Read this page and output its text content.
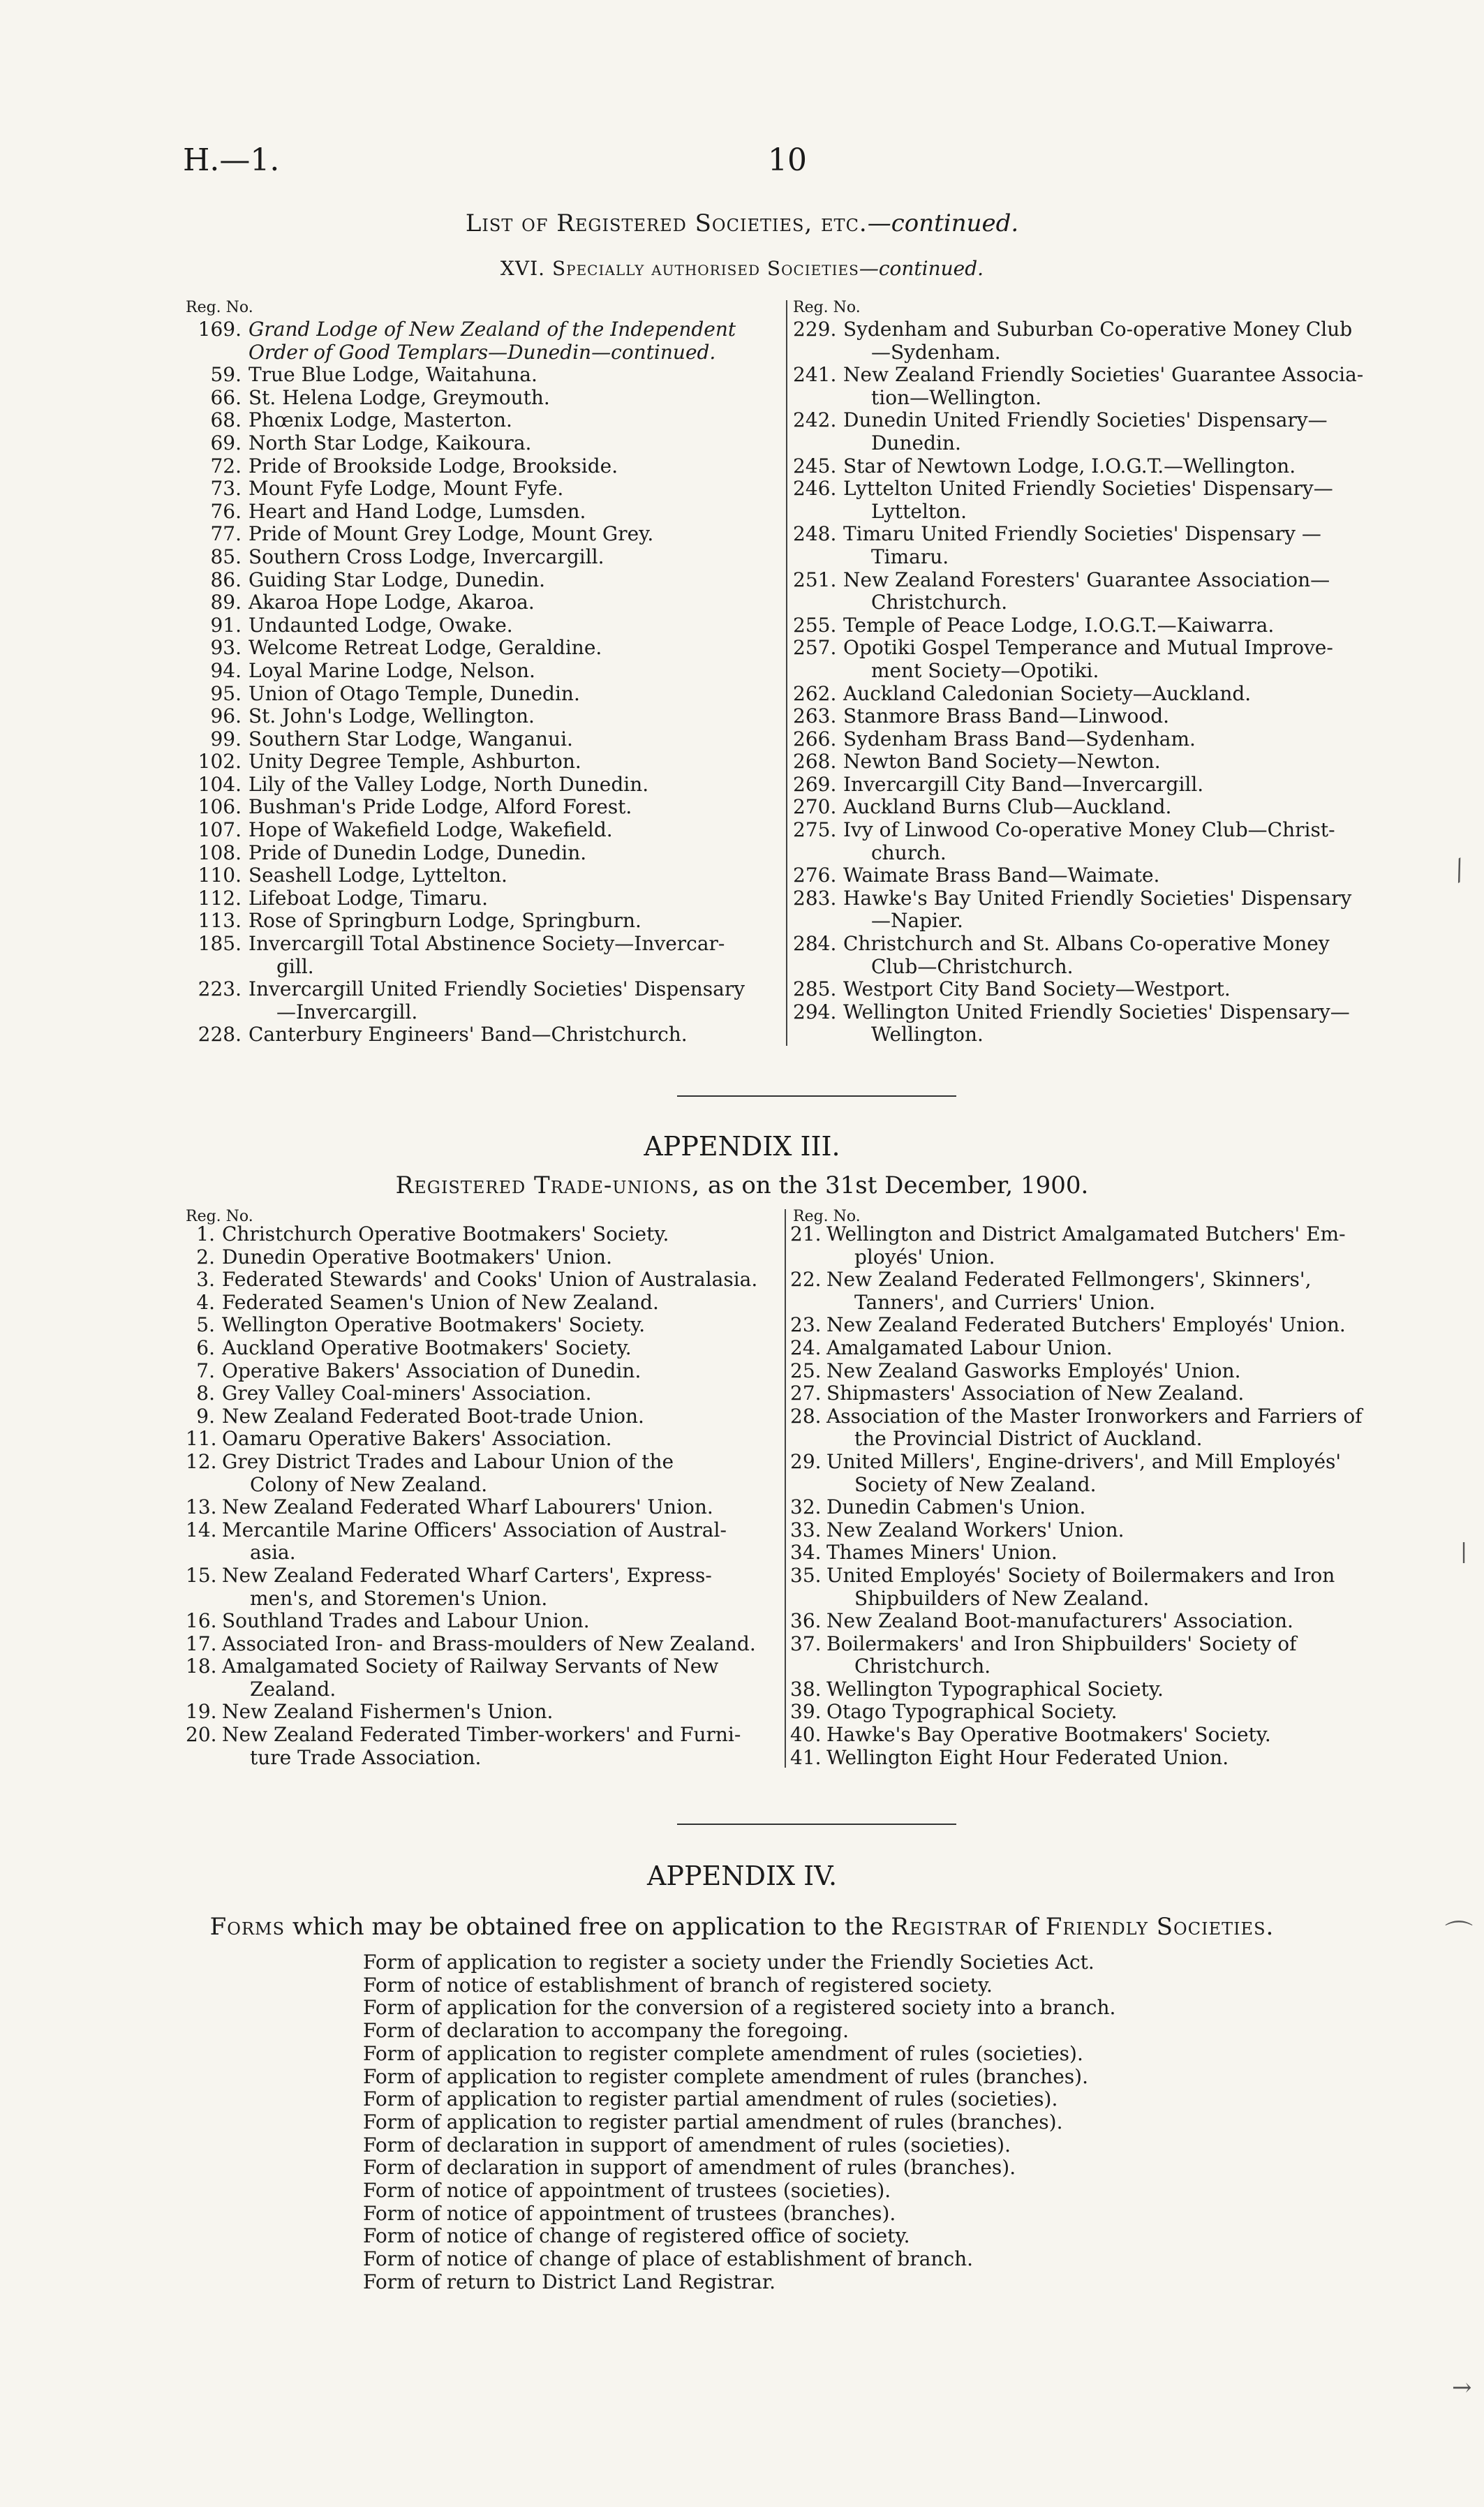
H.—1.	10
List of Registered Societies, etc.—continued.
XVI. Specially authorised Societies—continued.
Reg. No.	Reg. No.
169. Grand Lodge of New Zealand of the Independent
Order of Good Templars—Dunedin—continued.
59. True Blue Lodge, Waitahuna.
66. St. Helena Lodge, Greymouth.
68. Phœnix Lodge, Masterton.
69. North Star Lodge, Kaikoura.
72. Pride of Brookside Lodge, Brookside.
73. Mount Fyfe Lodge, Mount Fyfe.
76. Heart and Hand Lodge, Lumsden.
77. Pride of Mount Grey Lodge, Mount Grey.
85. Southern Cross Lodge, Invercargill.
86. Guiding Star Lodge, Dunedin.
89. Akaroa Hope Lodge, Akaroa.
91. Undaunted Lodge, Owake.
93. Welcome Retreat Lodge, Geraldine.
94. Loyal Marine Lodge, Nelson.
95. Union of Otago Temple, Dunedin.
96. St. John's Lodge, Wellington.
99. Southern Star Lodge, Wanganui.
102. Unity Degree Temple, Ashburton.
104. Lily of the Valley Lodge, North Dunedin.
106. Bushman's Pride Lodge, Alford Forest.
107. Hope of Wakefield Lodge, Wakefield.
108. Pride of Dunedin Lodge, Dunedin.
110. Seashell Lodge, Lyttelton.
112. Lifeboat Lodge, Timaru.
113. Rose of Springburn Lodge, Springburn.
185. Invercargill Total Abstinence Society—Invercar-
gill.
223. Invercargill United Friendly Societies' Dispensary
—Invercargill.
228. Canterbury Engineers' Band—Christchurch.
229. Sydenham and Suburban Co-operative Money Club
—Sydenham.
241. New Zealand Friendly Societies' Guarantee Associa-
tion—Wellington.
242. Dunedin United Friendly Societies' Dispensary—
Dunedin.
245. Star of Newtown Lodge, I.O.G.T.—Wellington.
246. Lyttelton United Friendly Societies' Dispensary—
Lyttelton.
248. Timaru United Friendly Societies' Dispensary —
Timaru.
251. New Zealand Foresters' Guarantee Association—
Christchurch.
255. Temple of Peace Lodge, I.O.G.T.—Kaiwarra.
257. Opotiki Gospel Temperance and Mutual Improve-
ment Society—Opotiki.
262. Auckland Caledonian Society—Auckland.
263. Stanmore Brass Band—Linwood.
266. Sydenham Brass Band—Sydenham.
268. Newton Band Society—Newton.
269. Invercargill City Band—Invercargill.
270. Auckland Burns Club—Auckland.
275. Ivy of Linwood Co-operative Money Club—Christ-
church.
276. Waimate Brass Band—Waimate.
283. Hawke's Bay United Friendly Societies' Dispensary
—Napier.
284. Christchurch and St. Albans Co-operative Money
Club—Christchurch.
285. Westport City Band Society—Westport.
294. Wellington United Friendly Societies' Dispensary—
Wellington.
APPENDIX III.
Registered Trade-unions, as on the 31st December, 1900.
Reg. No.	Reg. No.
1. Christchurch Operative Bootmakers' Society.
2. Dunedin Operative Bootmakers' Union.
3. Federated Stewards' and Cooks' Union of Australasia.
4. Federated Seamen's Union of New Zealand.
5. Wellington Operative Bootmakers' Society.
6. Auckland Operative Bootmakers' Society.
7. Operative Bakers' Association of Dunedin.
8. Grey Valley Coal-miners' Association.
9. New Zealand Federated Boot-trade Union.
11. Oamaru Operative Bakers' Association.
12. Grey District Trades and Labour Union of the
Colony of New Zealand.
13. New Zealand Federated Wharf Labourers' Union.
14. Mercantile Marine Officers' Association of Austral-
asia.
15. New Zealand Federated Wharf Carters', Express-
men's, and Storemen's Union.
16. Southland Trades and Labour Union.
17. Associated Iron- and Brass-moulders of New Zealand.
18. Amalgamated Society of Railway Servants of New
Zealand.
19. New Zealand Fishermen's Union.
20. New Zealand Federated Timber-workers' and Furni-
ture Trade Association.
21. Wellington and District Amalgamated Butchers' Em-
ployés' Union.
22. New Zealand Federated Fellmongers', Skinners',
Tanners', and Curriers' Union.
23. New Zealand Federated Butchers' Employés' Union.
24. Amalgamated Labour Union.
25. New Zealand Gasworks Employés' Union.
27. Shipmasters' Association of New Zealand.
28. Association of the Master Ironworkers and Farriers of
the Provincial District of Auckland.
29. United Millers', Engine-drivers', and Mill Employés'
Society of New Zealand.
32. Dunedin Cabmen's Union.
33. New Zealand Workers' Union.
34. Thames Miners' Union.
35. United Employés' Society of Boilermakers and Iron
Shipbuilders of New Zealand.
36. New Zealand Boot-manufacturers' Association.
37. Boilermakers' and Iron Shipbuilders' Society of
Christchurch.
38. Wellington Typographical Society.
39. Otago Typographical Society.
40. Hawke's Bay Operative Bootmakers' Society.
41. Wellington Eight Hour Federated Union.
APPENDIX IV.
Forms which may be obtained free on application to the Registrar of Friendly Societies.
Form of application to register a society under the Friendly Societies Act.
Form of notice of establishment of branch of registered society.
Form of application for the conversion of a registered society into a branch.
Form of declaration to accompany the foregoing.
Form of application to register complete amendment of rules (societies).
Form of application to register complete amendment of rules (branches).
Form of application to register partial amendment of rules (societies).
Form of application to register partial amendment of rules (branches).
Form of declaration in support of amendment of rules (societies).
Form of declaration in support of amendment of rules (branches).
Form of notice of appointment of trustees (societies).
Form of notice of appointment of trustees (branches).
Form of notice of change of registered office of society.
Form of notice of change of place of establishment of branch.
Form of return to District Land Registrar.
⁄
⌒
|
→
